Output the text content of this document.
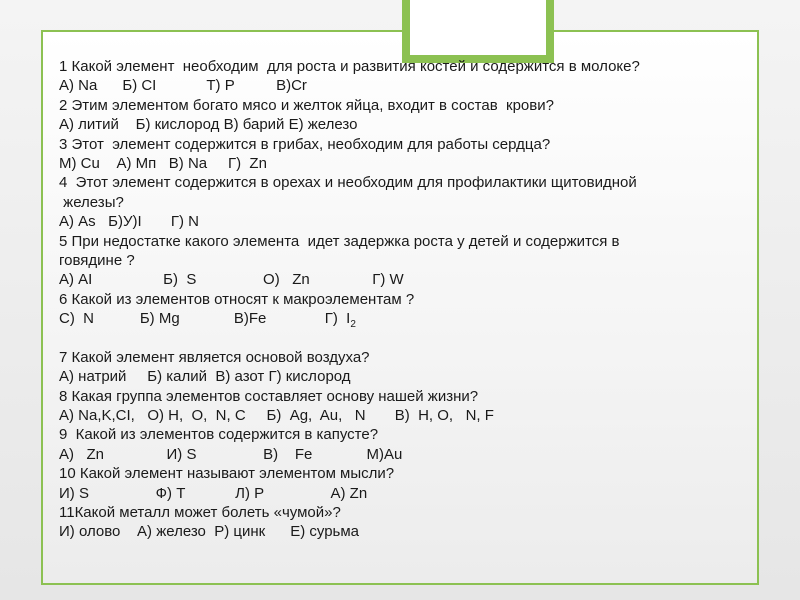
1 Какой элемент  необходим  для роста и развития костей и содержится в молоке?
А) Na      Б) CI            Т) P          В)Cr
2 Этим элементом богато мясо и желток яйца, входит в состав  крови?
А) литий    Б) кислород В) барий Е) железо
3 Этот  элемент содержится в грибах, необходим для работы сердца?
М) Cu    А) Mп   В) Na     Г)  Zn
4  Этот элемент содержится в орехах и необходим для профилактики щитовидной
железы?
А) As   Б)У)I       Г) N
5 При недостатке какого элемента  идет задержка роста у детей и содержится в
говядине ?
А) AI                 Б)  S                О)   Zn               Г) W
6 Какой из элементов относят к макроэлементам ?
С)  N           Б) Mg             В)Fe              Г)  $I_2$
7 Какой элемент является основой воздуха?
А) натрий     Б) калий  В) азот Г) кислород
8 Какая группа элементов составляет основу нашей жизни?
А) Na,K,CI,   О) H,  O,  N, C     Б)  Ag,  Au,   N       В)  H, O,   N, F
9  Какой из элементов содержится в капусте?
А)   Zn               И) S                В)    Fe             М)Au
10 Какой элемент называют элементом мысли?
И) S                Ф) T            Л) P                А) Zn
11Какой металл может болеть «чумой»?
И) олово    А) железо  Р) цинк      Е) сурьма
